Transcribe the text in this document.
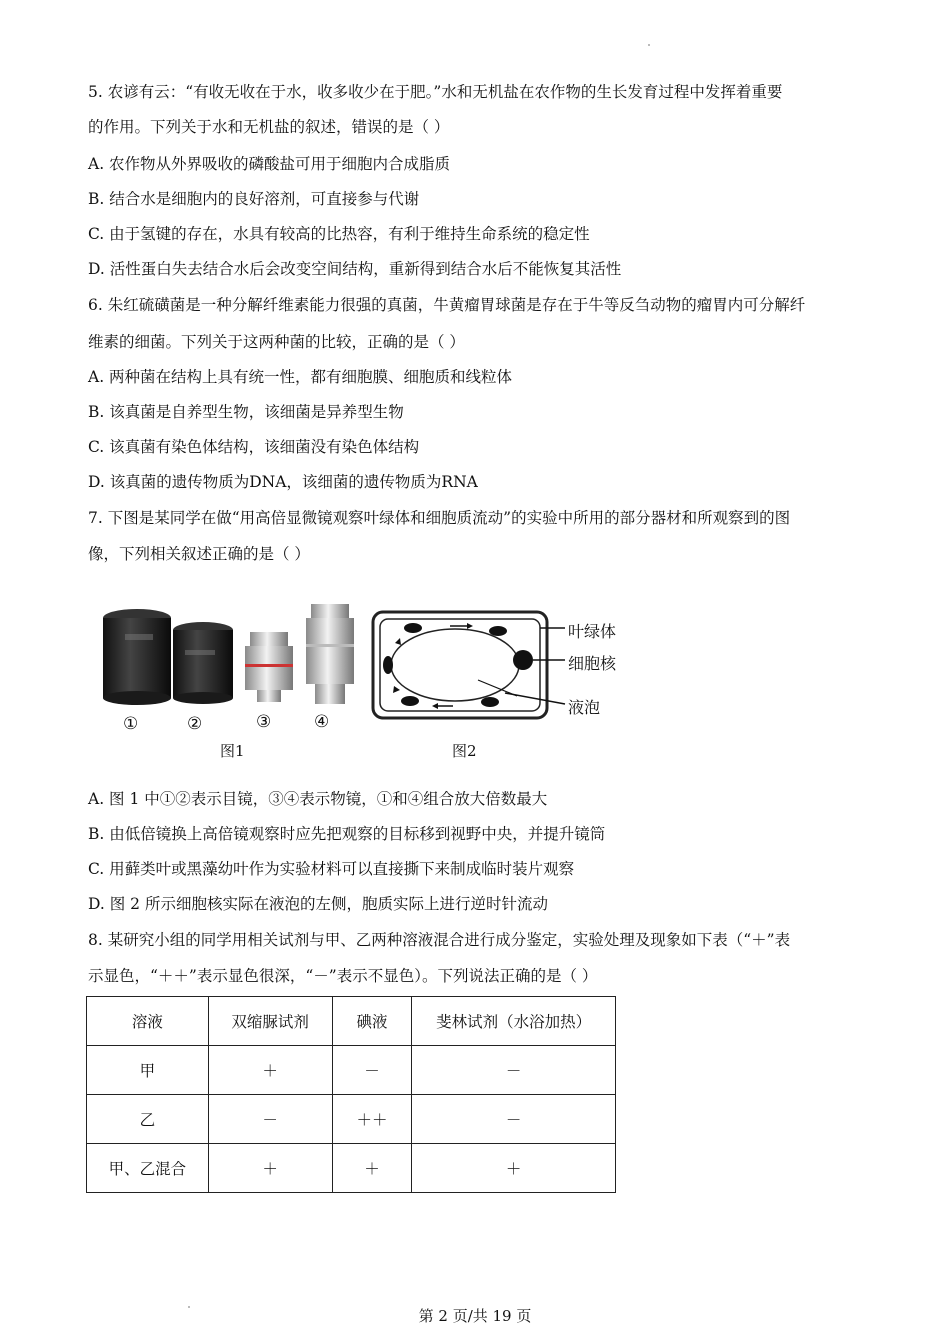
5. 农谚有云：“有收无收在于水，收多收少在于肥。”水和无机盐在农作物的生长发育过程中发挥着重要
的作用。下列关于水和无机盐的叙述，错误的是（ ）
A. 农作物从外界吸收的磷酸盐可用于细胞内合成脂质
B. 结合水是细胞内的良好溶剂，可直接参与代谢
C. 由于氢键的存在，水具有较高的比热容，有利于维持生命系统的稳定性
D. 活性蛋白失去结合水后会改变空间结构，重新得到结合水后不能恢复其活性
6. 朱红硫磺菌是一种分解纤维素能力很强的真菌，牛黄瘤胃球菌是存在于牛等反刍动物的瘤胃内可分解纤
维素的细菌。下列关于这两种菌的比较，正确的是（ ）
A. 两种菌在结构上具有统一性，都有细胞膜、细胞质和线粒体
B. 该真菌是自养型生物，该细菌是异养型生物
C. 该真菌有染色体结构，该细菌没有染色体结构
D. 该真菌的遗传物质为DNA，该细菌的遗传物质为RNA
7. 下图是某同学在做“用高倍显微镜观察叶绿体和细胞质流动”的实验中所用的部分器材和所观察到的图
像，下列相关叙述正确的是（ ）
①	②	③	④
图1	图2
叶绿体
细胞核
液泡
A. 图 1 中①②表示目镜，③④表示物镜，①和④组合放大倍数最大
B. 由低倍镜换上高倍镜观察时应先把观察的目标移到视野中央，并提升镜筒
C. 用藓类叶或黑藻幼叶作为实验材料可以直接撕下来制成临时装片观察
D. 图 2 所示细胞核实际在液泡的左侧，胞质实际上进行逆时针流动
8. 某研究小组的同学用相关试剂与甲、乙两种溶液混合进行成分鉴定，实验处理及现象如下表（“＋”表
示显色，“＋＋”表示显色很深，“－”表示不显色）。下列说法正确的是（ ）
溶液	双缩脲试剂	碘液	斐林试剂（水浴加热）
甲	＋	－	－
乙	－	＋＋	－
甲、乙混合	＋	＋	＋
第 2 页/共 19 页
